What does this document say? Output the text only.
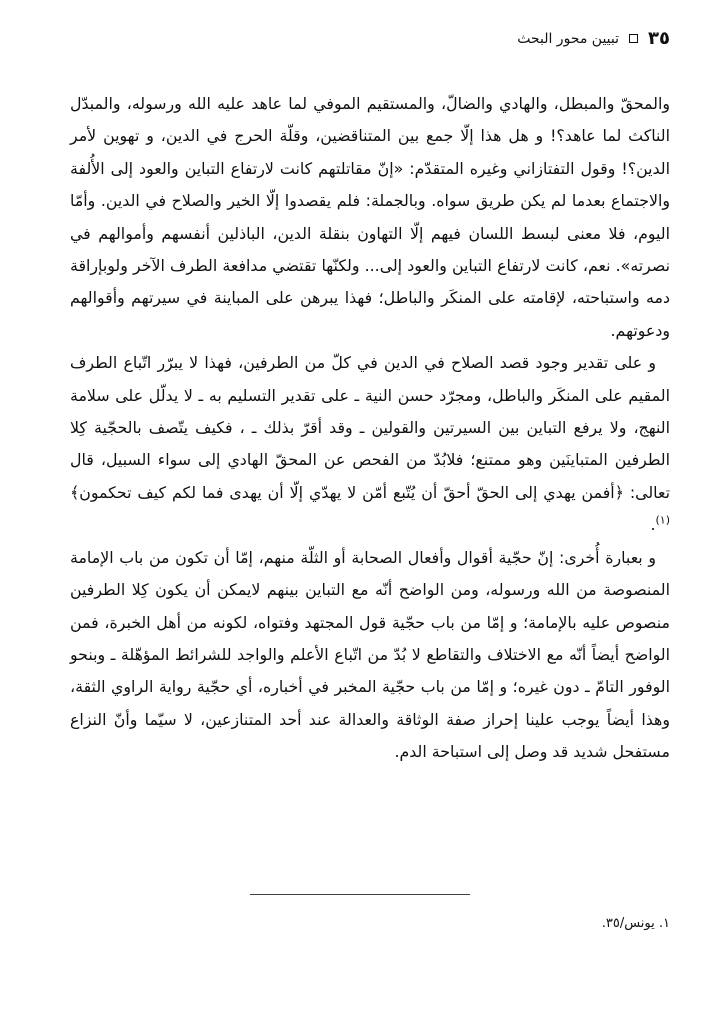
٣٥
تبيين محور البحث

والمحقّ والمبطل، والهادي والضالّ، والمستقيم الموفي لما عاهد عليه الله ورسوله، والمبدّل الناكث لما عاهد؟! و هل هذا إلّا جمع بين المتناقضين، وقلّة الحرج في الدين، و تهوين لأمر الدين؟! وقول التفتازاني وغيره المتقدّم: «إنّ مقاتلتهم كانت لارتفاع التباين والعود إلى الأُلفة والاجتماع بعدما لم يكن طريق سواه. وبالجملة: فلم يقصدوا إلّا الخير والصلاح في الدين. وأمّا اليوم، فلا معنى لبسط اللسان فيهم إلّا التهاون بنقلة الدين، الباذلين أنفسهم وأموالهم في نصرته». نعم، كانت لارتفاع التباين والعود إلى... ولكنّها تقتضي مدافعة الطرف الآخر ولوبإراقة دمه واستباحته، لإقامته على المنكَر والباطل؛ فهذا يبرهن على المباينة في سيرتهم وأقوالهم ودعوتهم.

و على تقدير وجود قصد الصلاح في الدين في كلّ من الطرفين، فهذا لا يبرّر اتّباع الطرف المقيم على المنكَر والباطل، ومجرّد حسن النية ـ على تقدير التسليم به ـ لا يدلّل على سلامة النهج، ولا يرفع التباين بين السيرتين والقولين ـ وقد أقرّ بذلك ـ ، فكيف يتّصف بالحجّية كِلا الطرفين المتباينَين وهو ممتنع؛ فلابُدّ من الفحص عن المحقّ الهادي إلى سواء السبيل، قال تعالى: ﴿أفمن يهدي إلى الحقّ أحقّ أن يُتّبع أمّن لا يهدّي إلّا أن يهدى فما لكم كيف تحكمون﴾ $^{(١)}$.

و بعبارة أُخرى: إنّ حجّية أقوال وأفعال الصحابة أو الثلّة منهم، إمّا أن تكون من باب الإمامة المنصوصة من الله ورسوله، ومن الواضح أنّه مع التباين بينهم لايمكن أن يكون كِلا الطرفين منصوص عليه بالإمامة؛ و إمّا من باب حجّية قول المجتهد وفتواه، لكونه من أهل الخبرة، فمن الواضح أيضاً أنّه مع الاختلاف والتقاطع لا بُدّ من اتّباع الأعلم والواجد للشرائط المؤهّلة ـ وبنحو الوفور التامّ ـ دون غيره؛ و إمّا من باب حجّية المخبر في أخباره، أي حجّية رواية الراوي الثقة، وهذا أيضاً يوجب علينا إحراز صفة الوثاقة والعدالة عند أحد المتنازعين، لا سيّما وأنّ النزاع مستفحل شديد قد وصل إلى استباحة الدم.

١. يونس/٣٥.
